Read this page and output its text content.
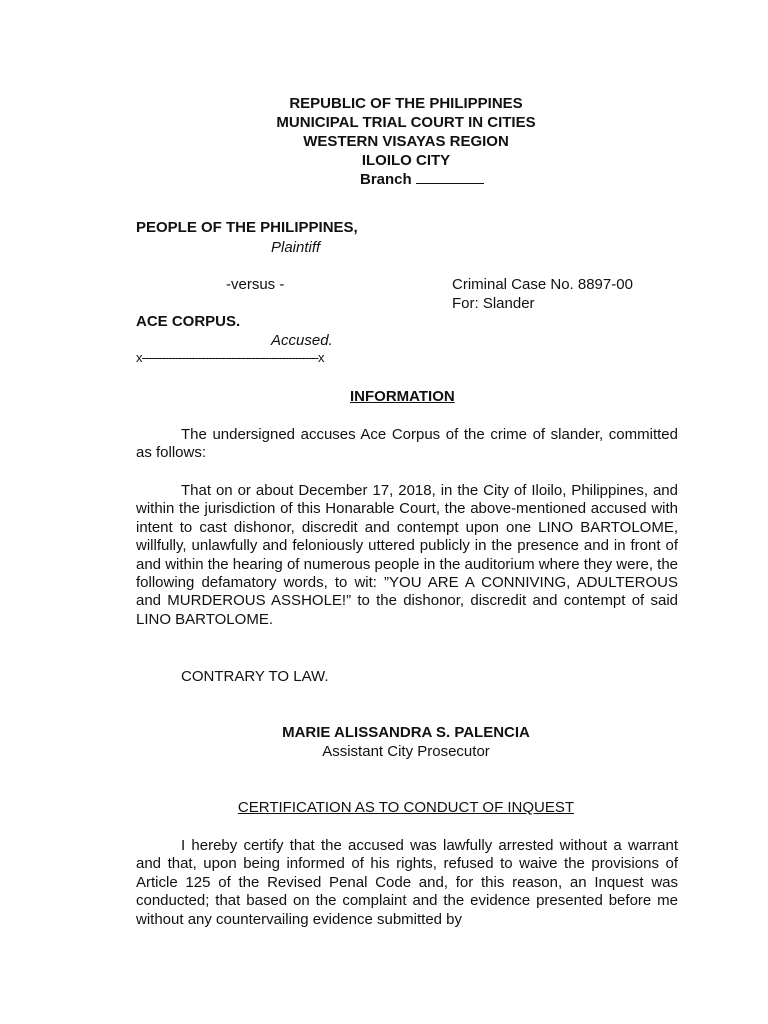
REPUBLIC OF THE PHILIPPINES
MUNICIPAL TRIAL COURT IN CITIES
WESTERN VISAYAS REGION
ILOILO CITY
Branch
PEOPLE OF THE PHILIPPINES,
Plaintiff
-versus -	Criminal Case No. 8897-00
For: Slander
ACE CORPUS.
Accused.
x-----------------------------------------------------x
INFORMATION
The undersigned accuses Ace Corpus of the crime of slander, committed as follows:
That on or about December 17, 2018, in the City of Iloilo, Philippines, and within the jurisdiction of this Honarable Court, the above-mentioned accused with intent to cast dishonor, discredit and contempt upon one LINO BARTOLOME, willfully, unlawfully and feloniously uttered publicly in the presence and in front of and within the hearing of numerous people in the auditorium where they were, the following defamatory words, to wit: ”YOU ARE A CONNIVING, ADULTEROUS and MURDEROUS ASSHOLE!” to the dishonor, discredit and contempt of said LINO BARTOLOME.
CONTRARY TO LAW.
MARIE ALISSANDRA S. PALENCIA
Assistant City Prosecutor
CERTIFICATION AS TO CONDUCT OF INQUEST
I hereby certify that the accused was lawfully arrested without a warrant and that, upon being informed of his rights, refused to waive the provisions of Article 125 of the Revised Penal Code and, for this reason, an Inquest was conducted; that based on the complaint and the evidence presented before me without any countervailing evidence submitted by
